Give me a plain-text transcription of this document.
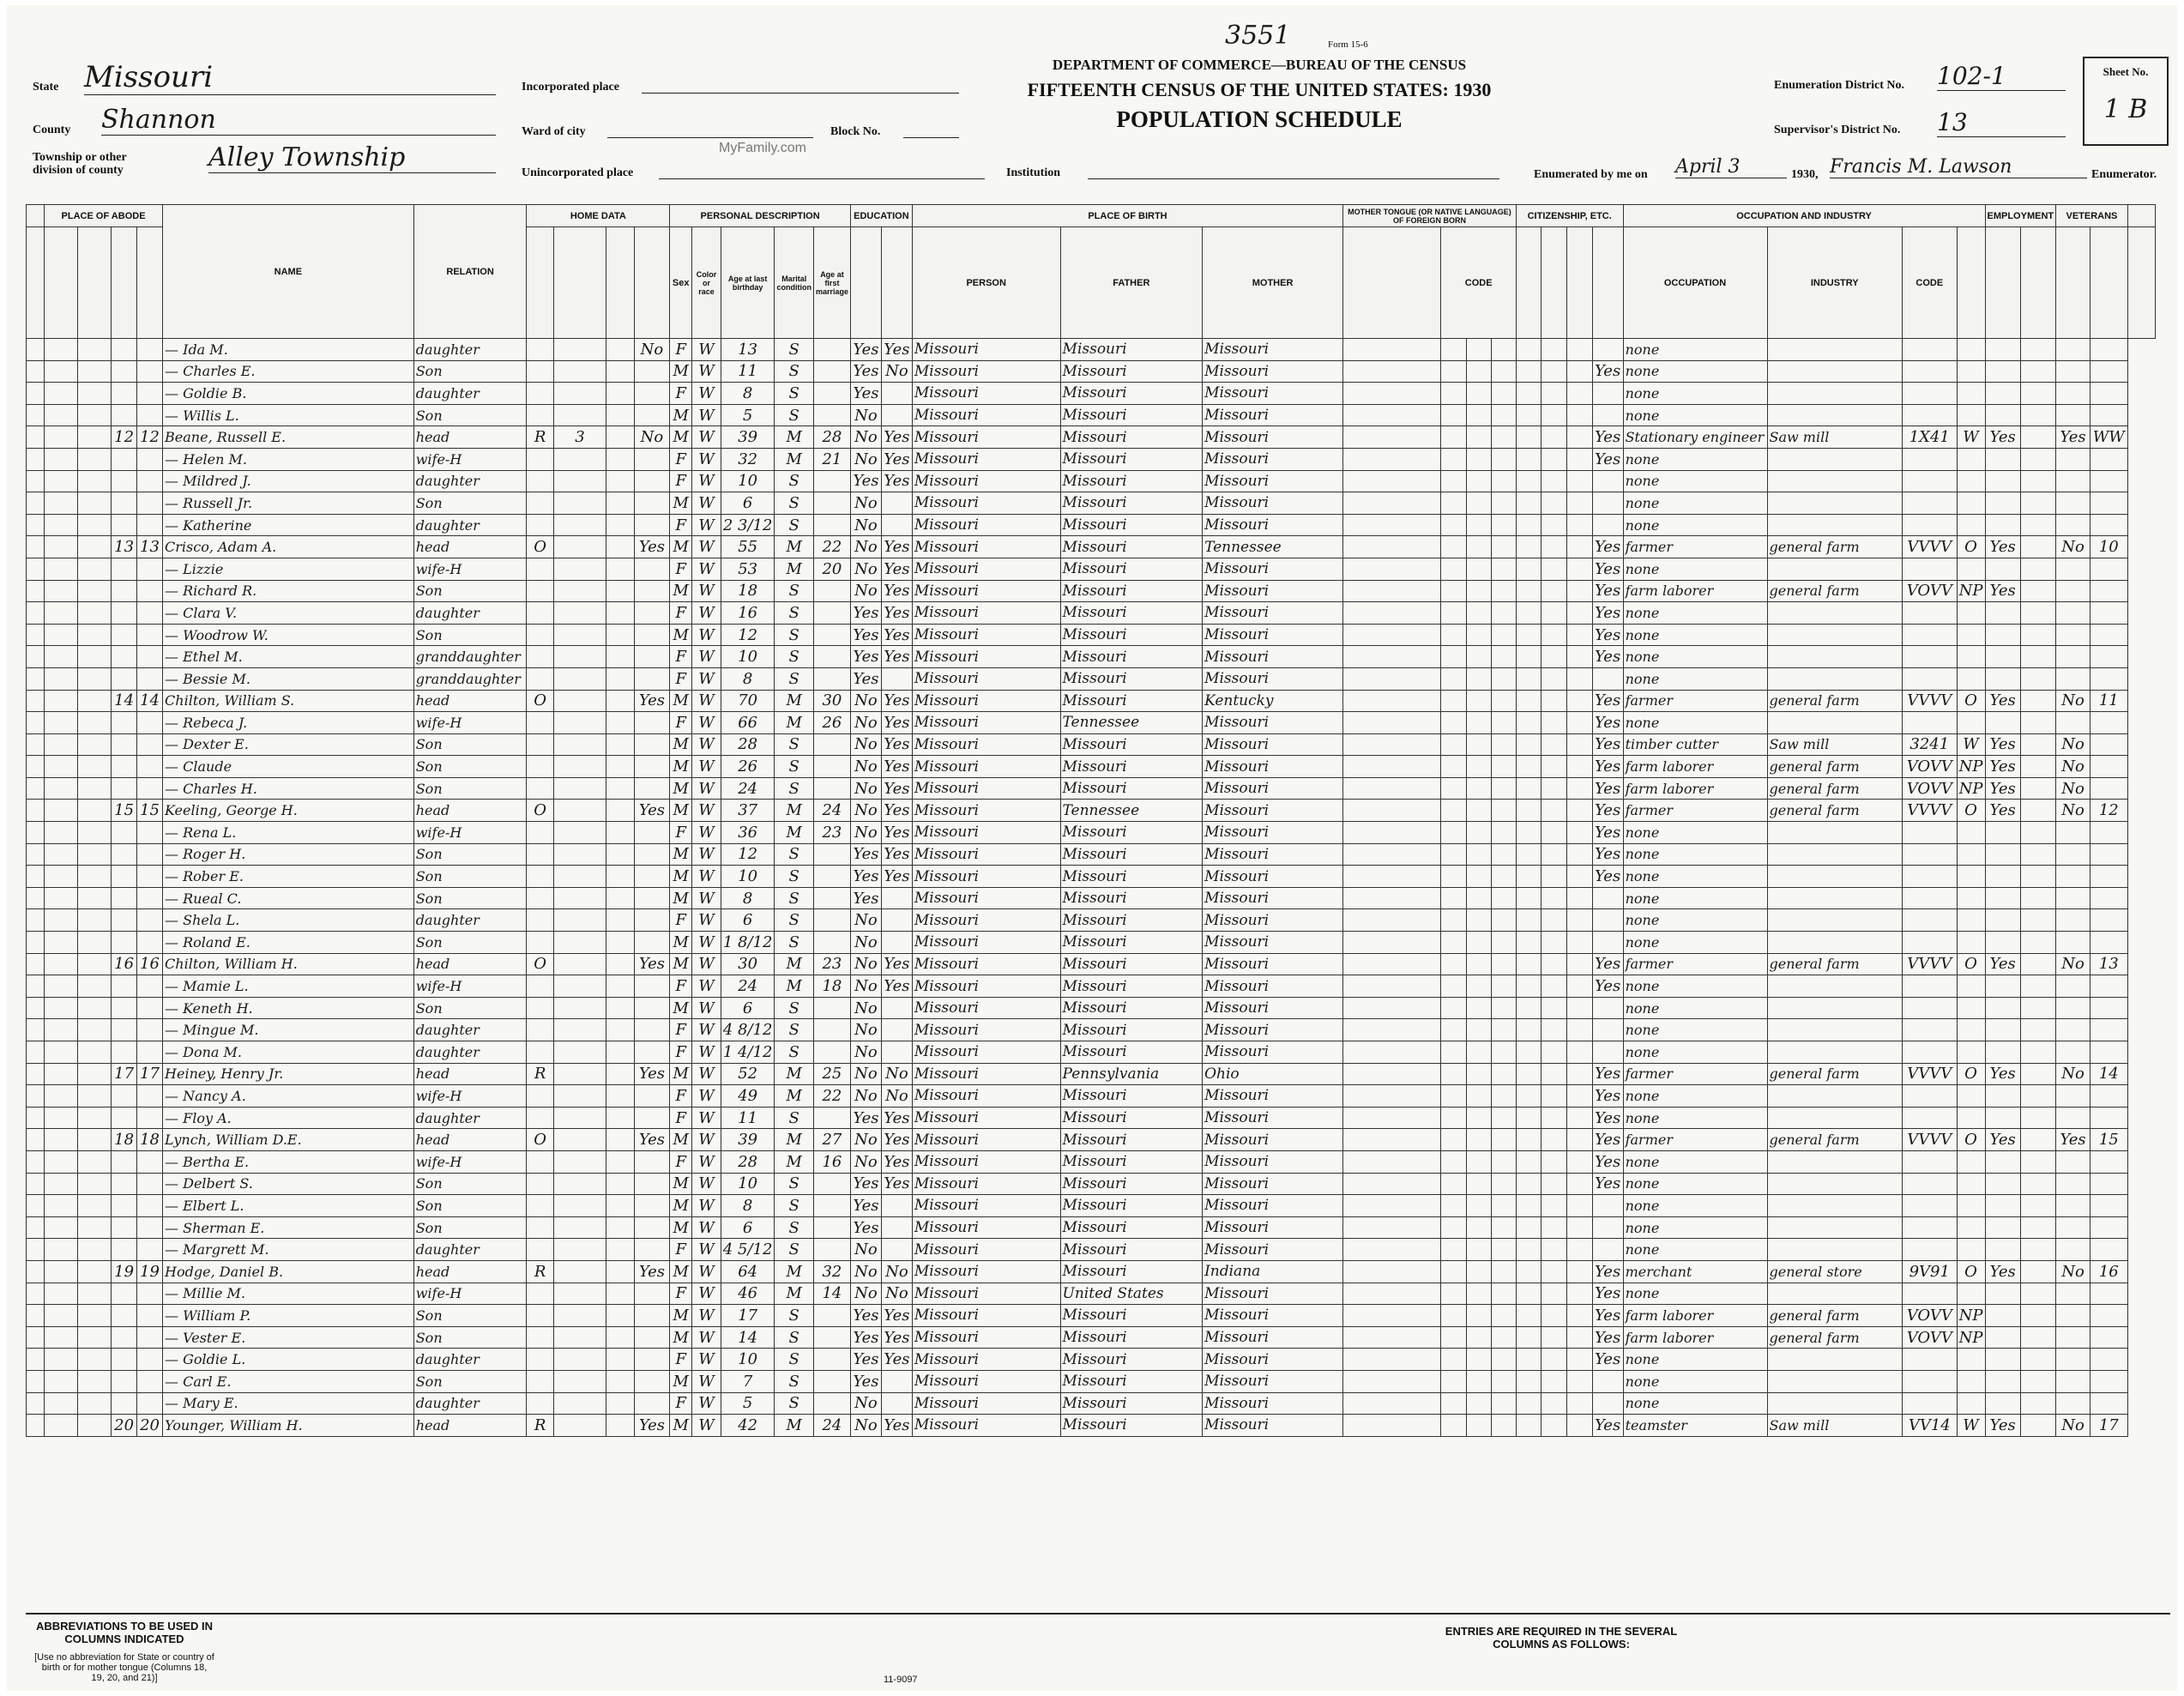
Form 15-6
3551
DEPARTMENT OF COMMERCE—BUREAU OF THE CENSUS
FIFTEENTH CENSUS OF THE UNITED STATES: 1930
POPULATION SCHEDULE
State Missouri
County Shannon
Township or other division of county	Alley Township
Incorporated place
Ward of city	Block No.
MyFamily.com
Unincorporated place	Institution
Enumeration District No. 102-1
Supervisor's District No. 13
Sheet No.
1 B
Enumerated by me on April 3	1930, Francis M. Lawson	Enumerator.
	PLACE OF ABODE				NAME	RELATION	HOME DATA				PERSONAL DESCRIPTION					EDUCATION		PLACE OF BIRTH			MOTHER TONGUE (OR NATIVE LANGUAGE) OF FOREIGN BORN				CITIZENSHIP, ETC.				OCCUPATION AND INDUSTRY				EMPLOYMENT		VETERANS		
											Sex	Color or race	Age at last birthday	Marital condition	Age at first marriage			PERSON	FATHER	MOTHER		CODE							OCCUPATION	INDUSTRY	CODE						
					— Ida M.	daughter				No	F	W	13	S		Yes	Yes	Missouri	Missouri	Missouri									none								
					— Charles E.	Son					M	W	11	S		Yes	No	Missouri	Missouri	Missouri								Yes	none								
					— Goldie B.	daughter					F	W	8	S		Yes		Missouri	Missouri	Missouri									none								
					— Willis L.	Son					M	W	5	S		No		Missouri	Missouri	Missouri									none								
			12	12	Beane, Russell E.	head	R	3		No	M	W	39	M	28	No	Yes	Missouri	Missouri	Missouri								Yes	Stationary engineer	Saw mill	1X41	W	Yes		Yes	WW	
					— Helen M.	wife-H					F	W	32	M	21	No	Yes	Missouri	Missouri	Missouri								Yes	none								
					— Mildred J.	daughter					F	W	10	S		Yes	Yes	Missouri	Missouri	Missouri									none								
					— Russell Jr.	Son					M	W	6	S		No		Missouri	Missouri	Missouri									none								
					— Katherine	daughter					F	W	2 3/12	S		No		Missouri	Missouri	Missouri									none								
			13	13	Crisco, Adam A.	head	O			Yes	M	W	55	M	22	No	Yes	Missouri	Missouri	Tennessee								Yes	farmer	general farm	VVVV	O	Yes		No	10	
					— Lizzie	wife-H					F	W	53	M	20	No	Yes	Missouri	Missouri	Missouri								Yes	none								
					— Richard R.	Son					M	W	18	S		No	Yes	Missouri	Missouri	Missouri								Yes	farm laborer	general farm	VOVV	NP	Yes				
					— Clara V.	daughter					F	W	16	S		Yes	Yes	Missouri	Missouri	Missouri								Yes	none								
					— Woodrow W.	Son					M	W	12	S		Yes	Yes	Missouri	Missouri	Missouri								Yes	none								
					— Ethel M.	granddaughter					F	W	10	S		Yes	Yes	Missouri	Missouri	Missouri								Yes	none								
					— Bessie M.	granddaughter					F	W	8	S		Yes		Missouri	Missouri	Missouri									none								
			14	14	Chilton, William S.	head	O			Yes	M	W	70	M	30	No	Yes	Missouri	Missouri	Kentucky								Yes	farmer	general farm	VVVV	O	Yes		No	11	
					— Rebeca J.	wife-H					F	W	66	M	26	No	Yes	Missouri	Tennessee	Missouri								Yes	none								
					— Dexter E.	Son					M	W	28	S		No	Yes	Missouri	Missouri	Missouri								Yes	timber cutter	Saw mill	3241	W	Yes		No		
					— Claude	Son					M	W	26	S		No	Yes	Missouri	Missouri	Missouri								Yes	farm laborer	general farm	VOVV	NP	Yes		No		
					— Charles H.	Son					M	W	24	S		No	Yes	Missouri	Missouri	Missouri								Yes	farm laborer	general farm	VOVV	NP	Yes		No		
			15	15	Keeling, George H.	head	O			Yes	M	W	37	M	24	No	Yes	Missouri	Tennessee	Missouri								Yes	farmer	general farm	VVVV	O	Yes		No	12	
					— Rena L.	wife-H					F	W	36	M	23	No	Yes	Missouri	Missouri	Missouri								Yes	none								
					— Roger H.	Son					M	W	12	S		Yes	Yes	Missouri	Missouri	Missouri								Yes	none								
					— Rober E.	Son					M	W	10	S		Yes	Yes	Missouri	Missouri	Missouri								Yes	none								
					— Rueal C.	Son					M	W	8	S		Yes		Missouri	Missouri	Missouri									none								
					— Shela L.	daughter					F	W	6	S		No		Missouri	Missouri	Missouri									none								
					— Roland E.	Son					M	W	1 8/12	S		No		Missouri	Missouri	Missouri									none								
			16	16	Chilton, William H.	head	O			Yes	M	W	30	M	23	No	Yes	Missouri	Missouri	Missouri								Yes	farmer	general farm	VVVV	O	Yes		No	13	
					— Mamie L.	wife-H					F	W	24	M	18	No	Yes	Missouri	Missouri	Missouri								Yes	none								
					— Keneth H.	Son					M	W	6	S		No		Missouri	Missouri	Missouri									none								
					— Mingue M.	daughter					F	W	4 8/12	S		No		Missouri	Missouri	Missouri									none								
					— Dona M.	daughter					F	W	1 4/12	S		No		Missouri	Missouri	Missouri									none								
			17	17	Heiney, Henry Jr.	head	R			Yes	M	W	52	M	25	No	No	Missouri	Pennsylvania	Ohio								Yes	farmer	general farm	VVVV	O	Yes		No	14	
					— Nancy A.	wife-H					F	W	49	M	22	No	No	Missouri	Missouri	Missouri								Yes	none								
					— Floy A.	daughter					F	W	11	S		Yes	Yes	Missouri	Missouri	Missouri								Yes	none								
			18	18	Lynch, William D.E.	head	O			Yes	M	W	39	M	27	No	Yes	Missouri	Missouri	Missouri								Yes	farmer	general farm	VVVV	O	Yes		Yes	15	
					— Bertha E.	wife-H					F	W	28	M	16	No	Yes	Missouri	Missouri	Missouri								Yes	none								
					— Delbert S.	Son					M	W	10	S		Yes	Yes	Missouri	Missouri	Missouri								Yes	none								
					— Elbert L.	Son					M	W	8	S		Yes		Missouri	Missouri	Missouri									none								
					— Sherman E.	Son					M	W	6	S		Yes		Missouri	Missouri	Missouri									none								
					— Margrett M.	daughter					F	W	4 5/12	S		No		Missouri	Missouri	Missouri									none								
			19	19	Hodge, Daniel B.	head	R			Yes	M	W	64	M	32	No	No	Missouri	Missouri	Indiana								Yes	merchant	general store	9V91	O	Yes		No	16	
					— Millie M.	wife-H					F	W	46	M	14	No	No	Missouri	United States	Missouri								Yes	none								
					— William P.	Son					M	W	17	S		Yes	Yes	Missouri	Missouri	Missouri								Yes	farm laborer	general farm	VOVV	NP					
					— Vester E.	Son					M	W	14	S		Yes	Yes	Missouri	Missouri	Missouri								Yes	farm laborer	general farm	VOVV	NP					
					— Goldie L.	daughter					F	W	10	S		Yes	Yes	Missouri	Missouri	Missouri								Yes	none								
					— Carl E.	Son					M	W	7	S		Yes		Missouri	Missouri	Missouri									none								
					— Mary E.	daughter					F	W	5	S		No		Missouri	Missouri	Missouri									none								
			20	20	Younger, William H.	head	R			Yes	M	W	42	M	24	No	Yes	Missouri	Missouri	Missouri								Yes	teamster	Saw mill	VV14	W	Yes		No	17	
ABBREVIATIONS TO BE USED IN COLUMNS INDICATED
[Use no abbreviation for State or country of birth or for mother tongue (Columns 18, 19, 20, and 21)]
ENTRIES ARE REQUIRED IN THE SEVERAL COLUMNS AS FOLLOWS:
11-9097
